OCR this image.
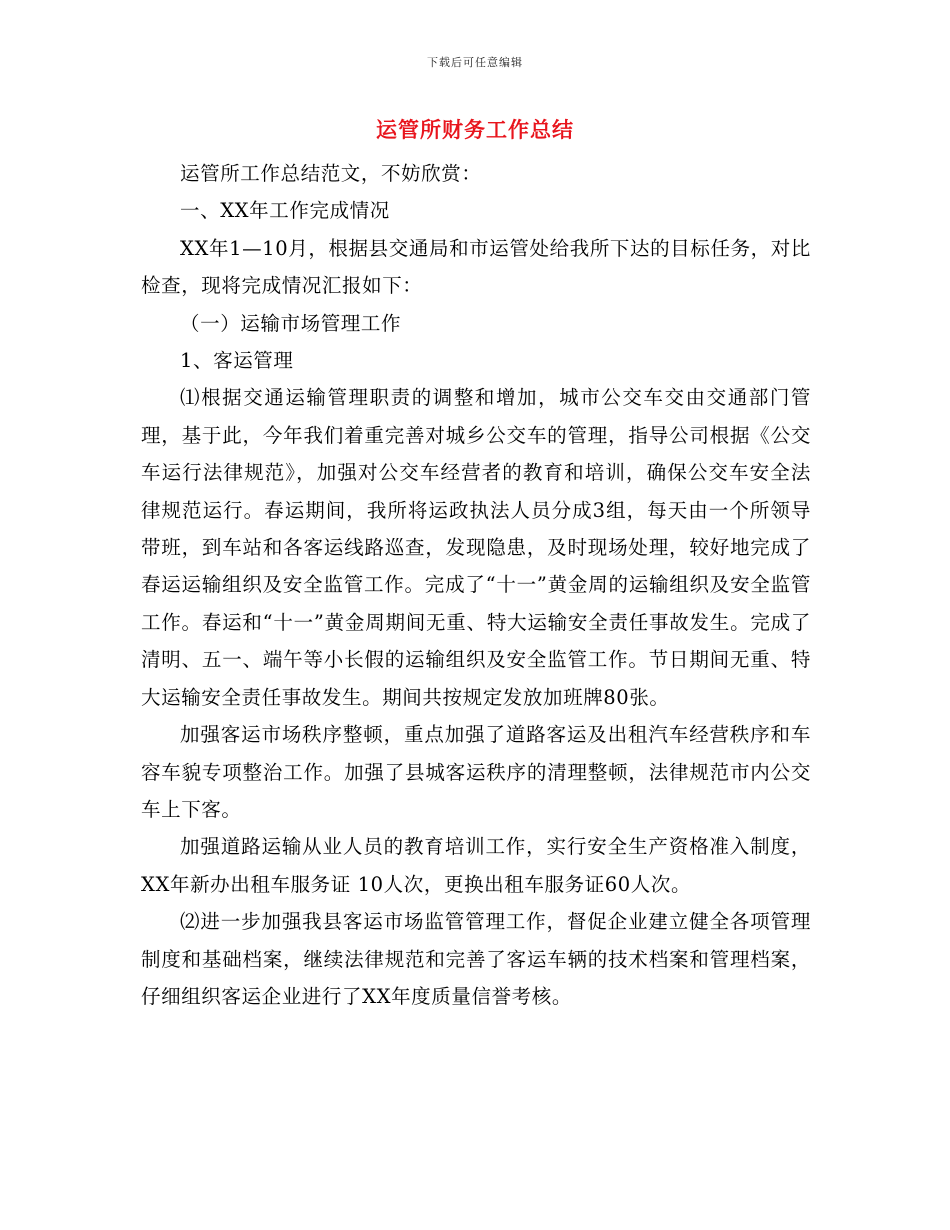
下载后可任意编辑
运管所财务工作总结

运管所工作总结范文，不妨欣赏：

一、XX年工作完成情况

XX年1—10月，根据县交通局和市运管处给我所下达的目标任务，对比检查，现将完成情况汇报如下：

（一）运输市场管理工作

1、客运管理

⑴根据交通运输管理职责的调整和增加，城市公交车交由交通部门管理，基于此，今年我们着重完善对城乡公交车的管理，指导公司根据《公交车运行法律规范》，加强对公交车经营者的教育和培训，确保公交车安全法律规范运行。春运期间，我所将运政执法人员分成3组，每天由一个所领导带班，到车站和各客运线路巡查，发现隐患，及时现场处理，较好地完成了春运运输组织及安全监管工作。完成了“十一”黄金周的运输组织及安全监管工作。春运和“十一”黄金周期间无重、特大运输安全责任事故发生。完成了清明、五一、端午等小长假的运输组织及安全监管工作。节日期间无重、特大运输安全责任事故发生。期间共按规定发放加班牌80张。

加强客运市场秩序整顿，重点加强了道路客运及出租汽车经营秩序和车容车貌专项整治工作。加强了县城客运秩序的清理整顿，法律规范市内公交车上下客。

加强道路运输从业人员的教育培训工作，实行安全生产资格准入制度，XX年新办出租车服务证 10人次，更换出租车服务证60人次。

⑵进一步加强我县客运市场监管管理工作，督促企业建立健全各项管理制度和基础档案，继续法律规范和完善了客运车辆的技术档案和管理档案，仔细组织客运企业进行了XX年度质量信誉考核。
